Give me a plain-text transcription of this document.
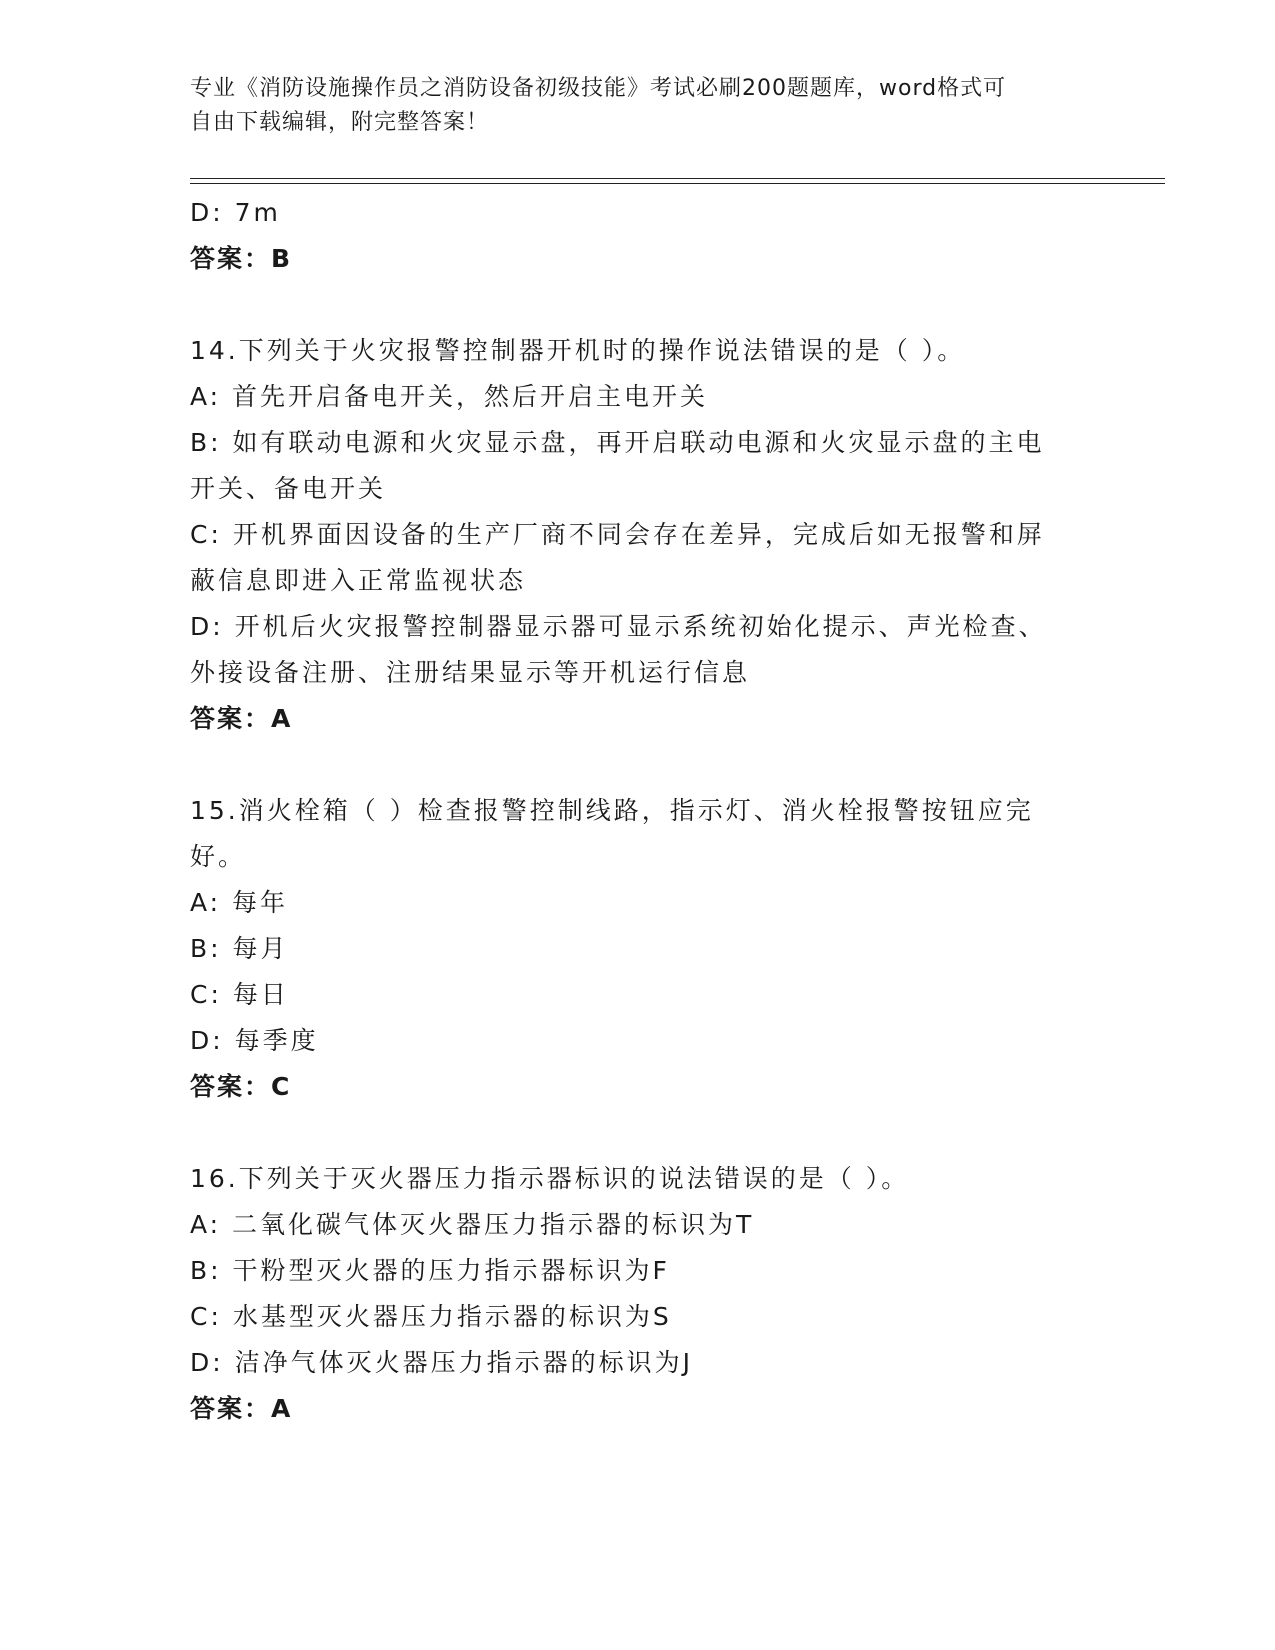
专业《消防设施操作员之消防设备初级技能》考试必刷200题题库，word格式可
自由下载编辑，附完整答案！
D: 7m
答案：B
14.下列关于火灾报警控制器开机时的操作说法错误的是（ ）。
A: 首先开启备电开关，然后开启主电开关
B: 如有联动电源和火灾显示盘，再开启联动电源和火灾显示盘的主电
开关、备电开关
C: 开机界面因设备的生产厂商不同会存在差异，完成后如无报警和屏
蔽信息即进入正常监视状态
D: 开机后火灾报警控制器显示器可显示系统初始化提示、声光检查、
外接设备注册、注册结果显示等开机运行信息
答案：A
15.消火栓箱（ ）检查报警控制线路，指示灯、消火栓报警按钮应完
好。
A: 每年
B: 每月
C: 每日
D: 每季度
答案：C
16.下列关于灭火器压力指示器标识的说法错误的是（ ）。
A: 二氧化碳气体灭火器压力指示器的标识为T
B: 干粉型灭火器的压力指示器标识为F
C: 水基型灭火器压力指示器的标识为S
D: 洁净气体灭火器压力指示器的标识为J
答案：A
